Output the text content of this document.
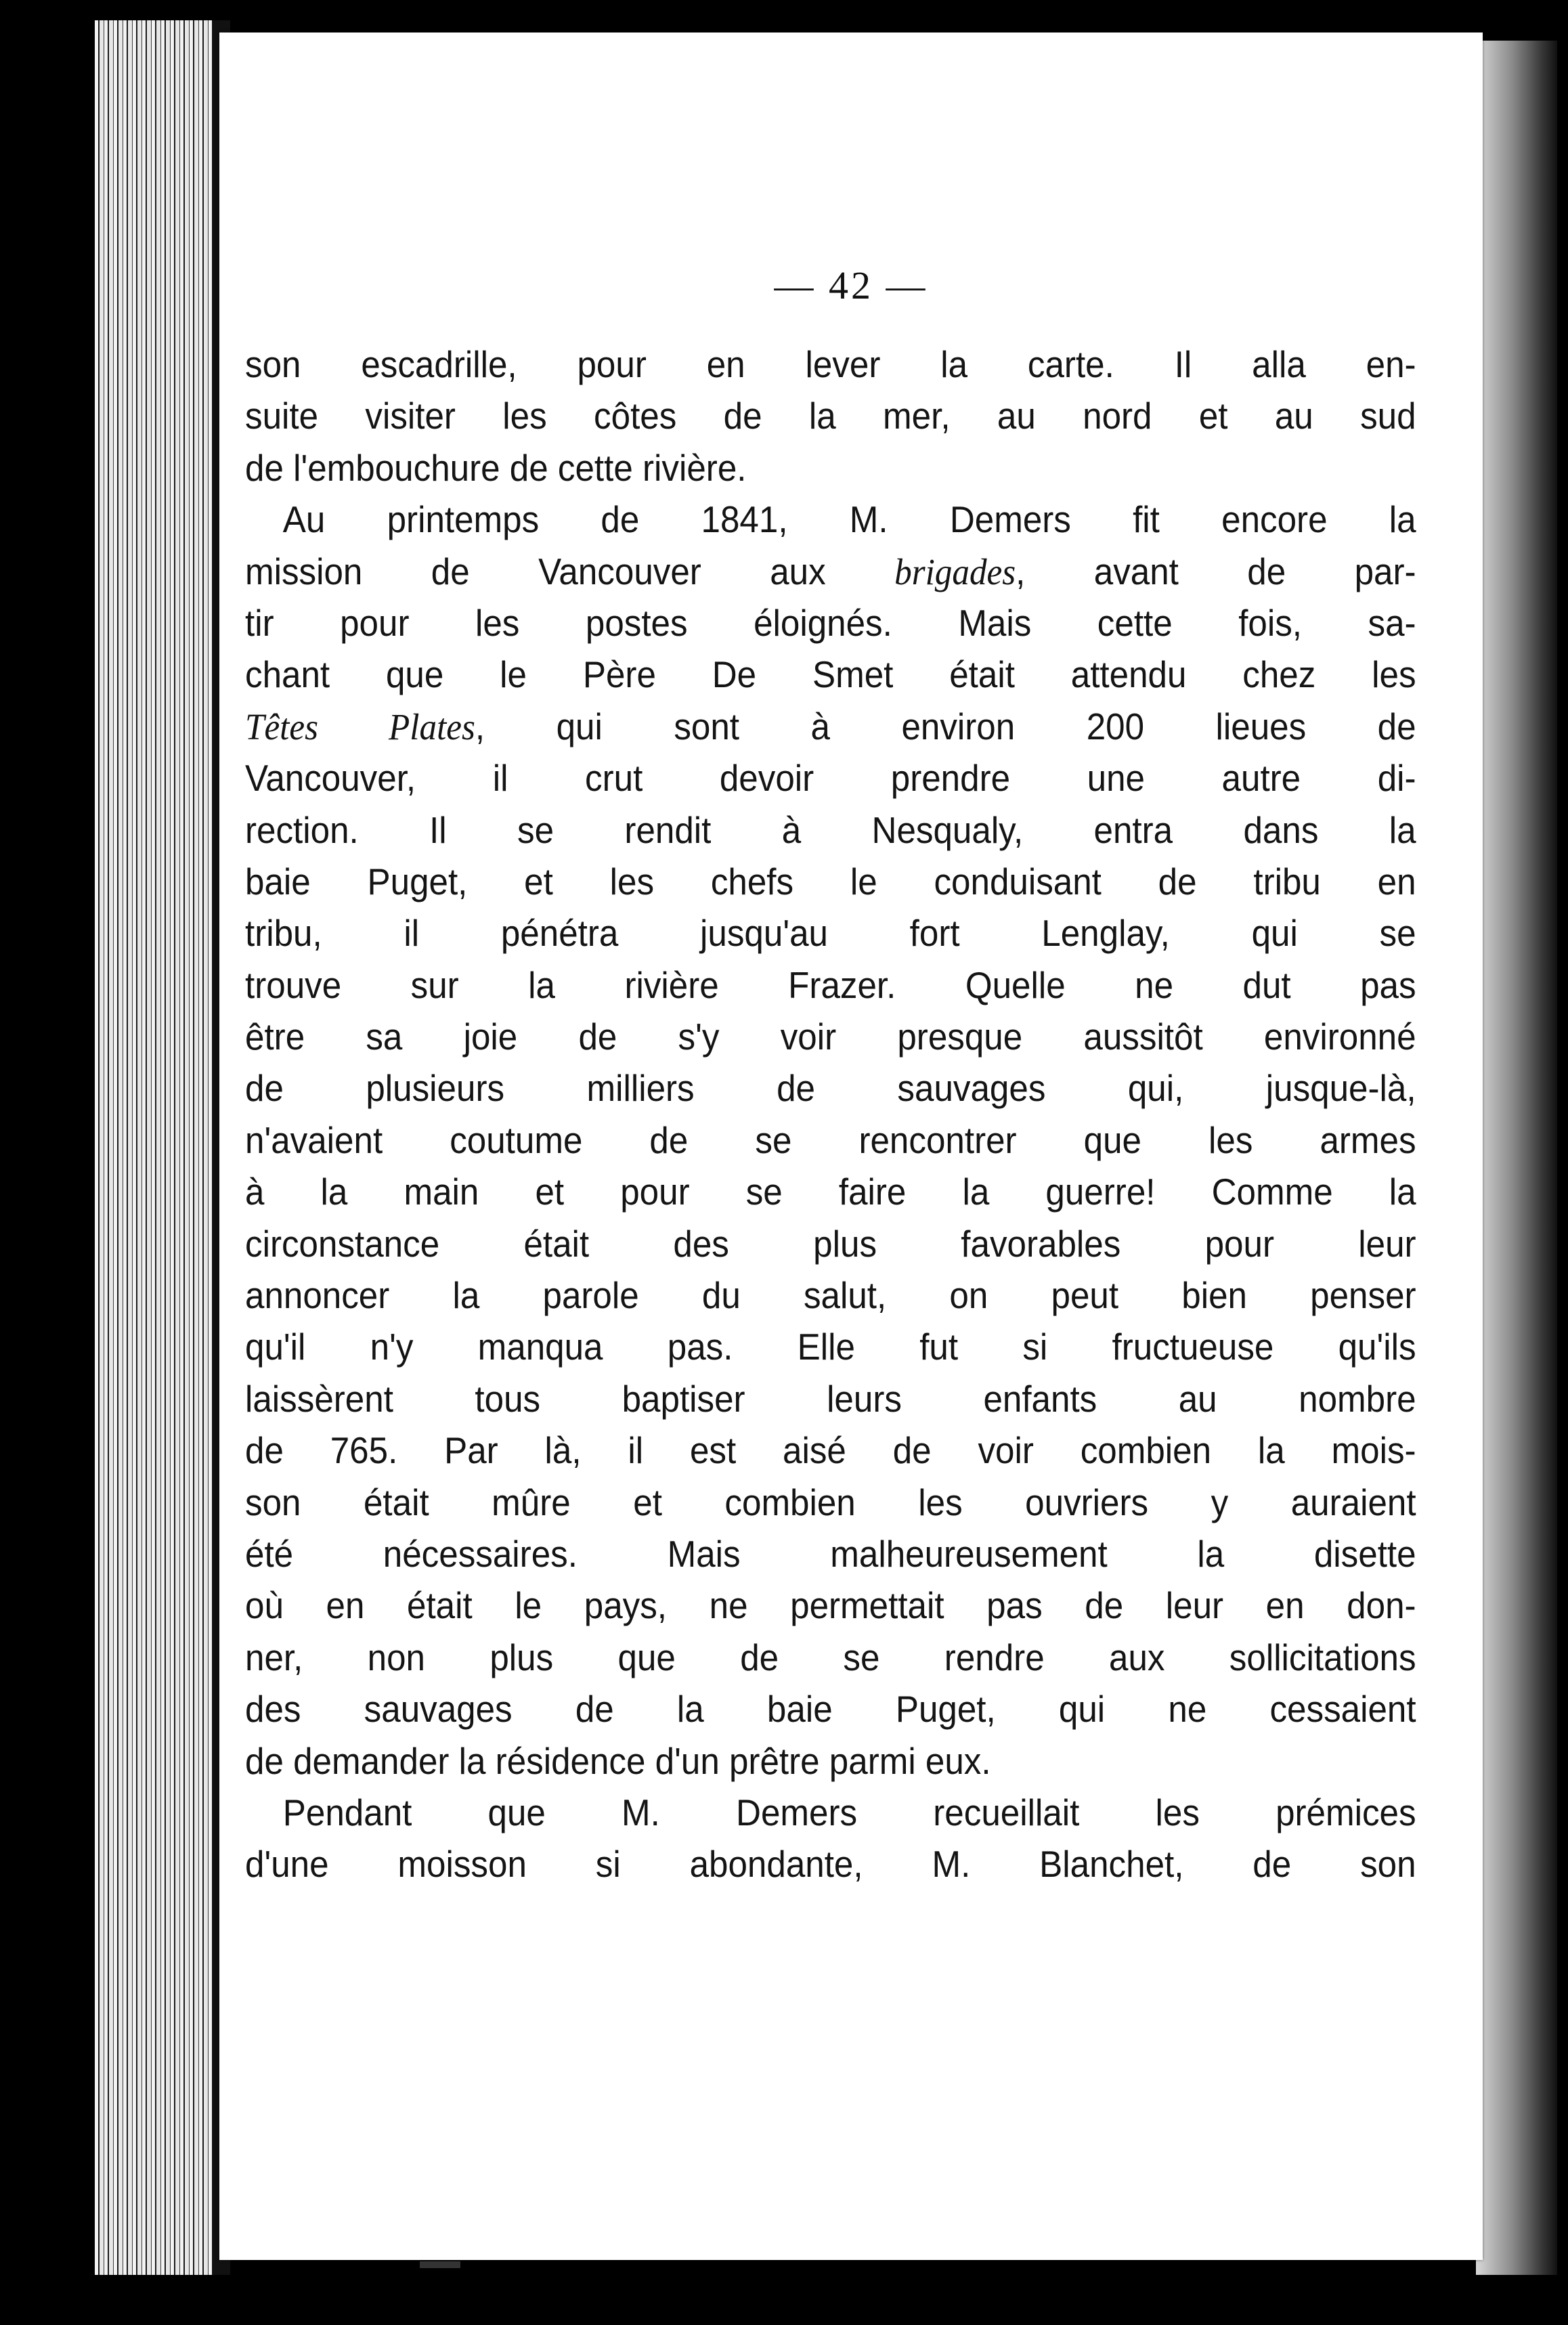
— 42 —
son escadrille, pour en lever la carte. Il alla en-
suite visiter les côtes de la mer, au nord et au sud
de l'embouchure de cette rivière.
Au printemps de 1841, M. Demers fit encore la
mission de Vancouver aux brigades, avant de par-
tir pour les postes éloignés. Mais cette fois, sa-
chant que le Père De Smet était attendu chez les
Têtes Plates, qui sont à environ 200 lieues de
Vancouver, il crut devoir prendre une autre di-
rection. Il se rendit à Nesqualy, entra dans la
baie Puget, et les chefs le conduisant de tribu en
tribu, il pénétra jusqu'au fort Lenglay, qui se
trouve sur la rivière Frazer. Quelle ne dut pas
être sa joie de s'y voir presque aussitôt environné
de plusieurs milliers de sauvages qui, jusque-là,
n'avaient coutume de se rencontrer que les armes
à la main et pour se faire la guerre! Comme la
circonstance était des plus favorables pour leur
annoncer la parole du salut, on peut bien penser
qu'il n'y manqua pas. Elle fut si fructueuse qu'ils
laissèrent tous baptiser leurs enfants au nombre
de 765. Par là, il est aisé de voir combien la mois-
son était mûre et combien les ouvriers y auraient
été nécessaires. Mais malheureusement la disette
où en était le pays, ne permettait pas de leur en don-
ner, non plus que de se rendre aux sollicitations
des sauvages de la baie Puget, qui ne cessaient
de demander la résidence d'un prêtre parmi eux.
Pendant que M. Demers recueillait les prémices
d'une moisson si abondante, M. Blanchet, de son
